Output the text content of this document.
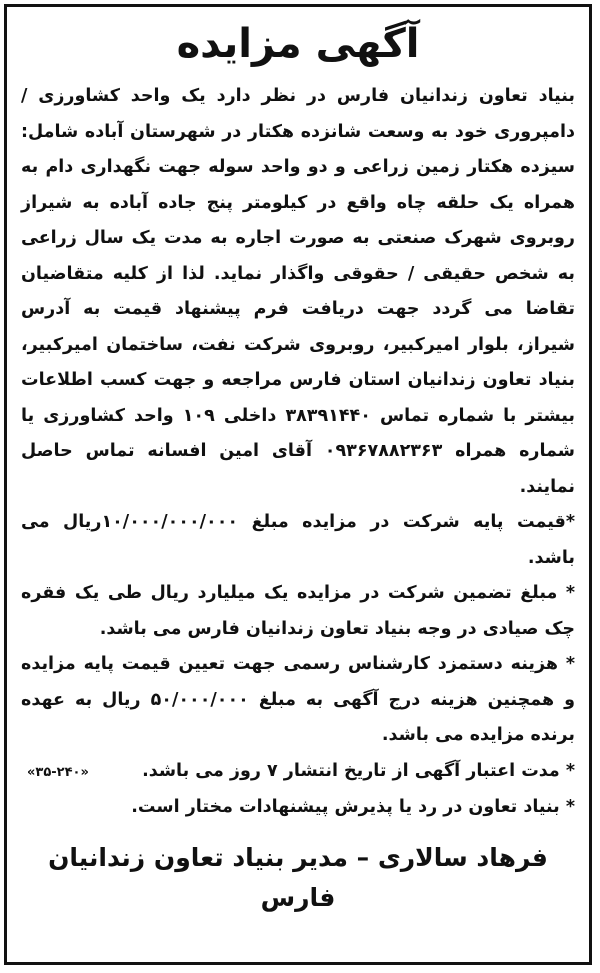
آگهی مزایده

بنیاد تعاون زندانیان فارس در نظر دارد یک واحد کشاورزی / دامپروری خود به وسعت شانزده هکتار در شهرستان آباده شامل: سیزده هکتار زمین زراعی و دو واحد سوله جهت نگهداری دام به همراه یک حلقه چاه واقع در کیلومتر پنج جاده آباده به شیراز روبروی شهرک صنعتی به صورت اجاره به مدت یک سال زراعی به شخص حقیقی / حقوقی واگذار نماید. لذا از کلیه متقاضیان تقاضا می گردد جهت دریافت فرم پیشنهاد قیمت به آدرس شیراز، بلوار امیرکبیر، روبروی شرکت نفت، ساختمان امیرکبیر، بنیاد تعاون زندانیان استان فارس مراجعه و جهت کسب اطلاعات بیشتر با شماره تماس ۳۸۳۹۱۴۴۰ داخلی ۱۰۹ واحد کشاورزی یا شماره همراه ۰۹۳۶۷۸۸۲۳۶۳ آقای امین افسانه تماس حاصل نمایند.

*قیمت پایه شرکت در مزایده مبلغ ۱۰/۰۰۰/۰۰۰/۰۰۰ریال می باشد.

* مبلغ تضمین شرکت در مزایده یک میلیارد ریال طی یک فقره چک صیادی در وجه بنیاد تعاون زندانیان فارس می باشد.

* هزینه دستمزد کارشناس رسمی جهت تعیین قیمت پایه مزایده و همچنین هزینه درج آگهی به مبلغ ۵۰/۰۰۰/۰۰۰ ریال به عهده برنده مزایده می باشد.

* مدت اعتبار آگهی از تاریخ انتشار ۷ روز می باشد.
«۳۵-۲۴۰»

* بنیاد تعاون در رد یا پذیرش پیشنهادات مختار است.

فرهاد سالاری – مدیر بنیاد تعاون زندانیان فارس
